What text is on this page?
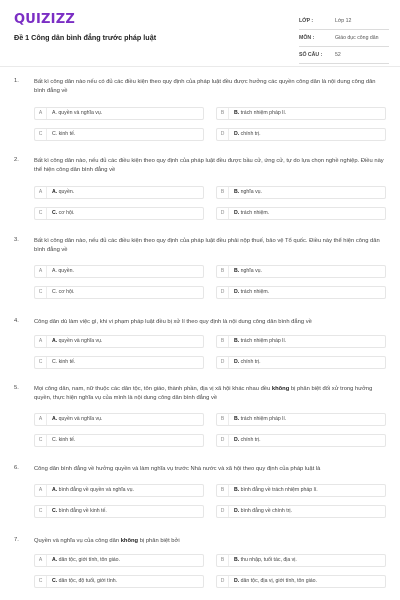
QUIZIZZ
Đề 1 Công dân bình đẳng trước pháp luật
LỚP :	Lớp 12
MÔN :	Giáo dục công dân
SỐ CÂU : 52
1.	Bất kì công dân nào nếu có đủ các điều kiện theo quy định của pháp luật đều được hưởng các quyền công dân là nội dung công dân bình đẳng về
A	A. quyền và nghĩa vụ.	B	B. trách nhiệm pháp lí.
C	C. kinh tế.	D	D. chính trị.
2.	Bất kì công dân nào, nếu đủ các điều kiện theo quy định của pháp luật đều được bầu cử, ứng cử, tự do lựa chọn nghề nghiệp. Điều này thể hiện công dân bình đẳng về
A	A. quyền.	B	B. nghĩa vụ.
C	C. cơ hội.	D	D. trách nhiệm.
3.	Bất kì công dân nào, nếu đủ các điều kiện theo quy định của pháp luật đều phải nộp thuế, bảo vệ Tổ quốc. Điều này thể hiện công dân bình đẳng về
A	A. quyền.	B	B. nghĩa vụ.
C	C. cơ hội.	D	D. trách nhiệm.
4.	Công dân dù làm việc gì, khi vi phạm pháp luật đều bị xử lí theo quy định là nội dung công dân bình đẳng về
A	A. quyền và nghĩa vụ.	B	B. trách nhiệm pháp lí.
C	C. kinh tế.	D	D. chính trị.
5.	Mọi công dân, nam, nữ thuộc các dân tộc, tôn giáo, thành phần, địa vị xã hội khác nhau đều không bị phân biệt đối xử trong hưởng quyền, thực hiện nghĩa vụ của mình là nội dung công dân bình đẳng về
A	A. quyền và nghĩa vụ.	B	B. trách nhiệm pháp lí.
C	C. kinh tế.	D	D. chính trị.
6.	Công dân bình đẳng về hưởng quyền và làm nghĩa vụ trước Nhà nước và xã hội theo quy định của pháp luật là
A	A. bình đẳng về quyền và nghĩa vụ.	B	B. bình đẳng về trách nhiệm pháp lí.
C	C. bình đẳng về kinh tế.	D	D. bình đẳng về chính trị.
7.	Quyền và nghĩa vụ của công dân không bị phân biệt bởi
A	A. dân tộc, giới tính, tôn giáo.	B	B. thu nhập, tuổi tác, địa vị.
C	C. dân tộc, độ tuổi, giới tính.	D	D. dân tộc, địa vị, giới tính, tôn giáo.
